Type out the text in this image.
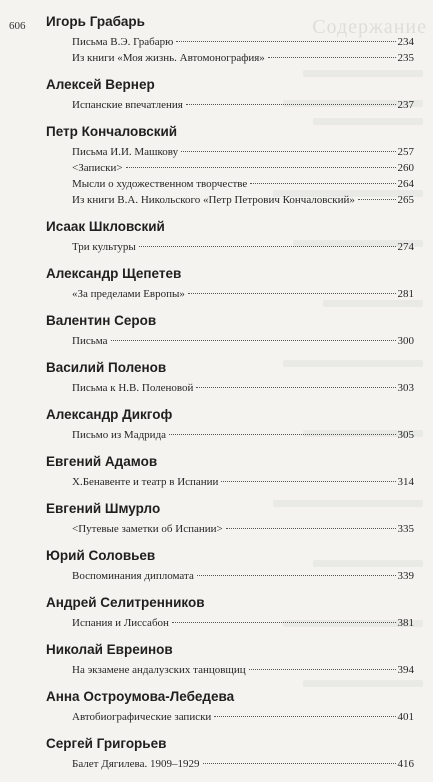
606	Содержание
Игорь Грабарь
Письма В.Э. Грабарю	234
Из книги «Моя жизнь. Автомонография»	235
Алексей Вернер
Испанские впечатления	237
Петр Кончаловский
Письма И.И. Машкову	257
<Записки>	260
Мысли о художественном творчестве	264
Из книги В.А. Никольского «Петр Петрович Кончаловский»	265
Исаак Шкловский
Три культуры	274
Александр Щепетев
«За пределами Европы»	281
Валентин Серов
Письма	300
Василий Поленов
Письма к Н.В. Поленовой	303
Александр Дикгоф
Письмо из Мадрида	305
Евгений Адамов
Х.Бенавенте и театр в Испании	314
Евгений Шмурло
<Путевые заметки об Испании>	335
Юрий Соловьев
Воспоминания дипломата	339
Андрей Селитренников
Испания и Лиссабон	381
Николай Евреинов
На экзамене андалузских танцовщиц	394
Анна Остроумова-Лебедева
Автобиографические записки	401
Сергей Григорьев
Балет Дягилева. 1909–1929	416
